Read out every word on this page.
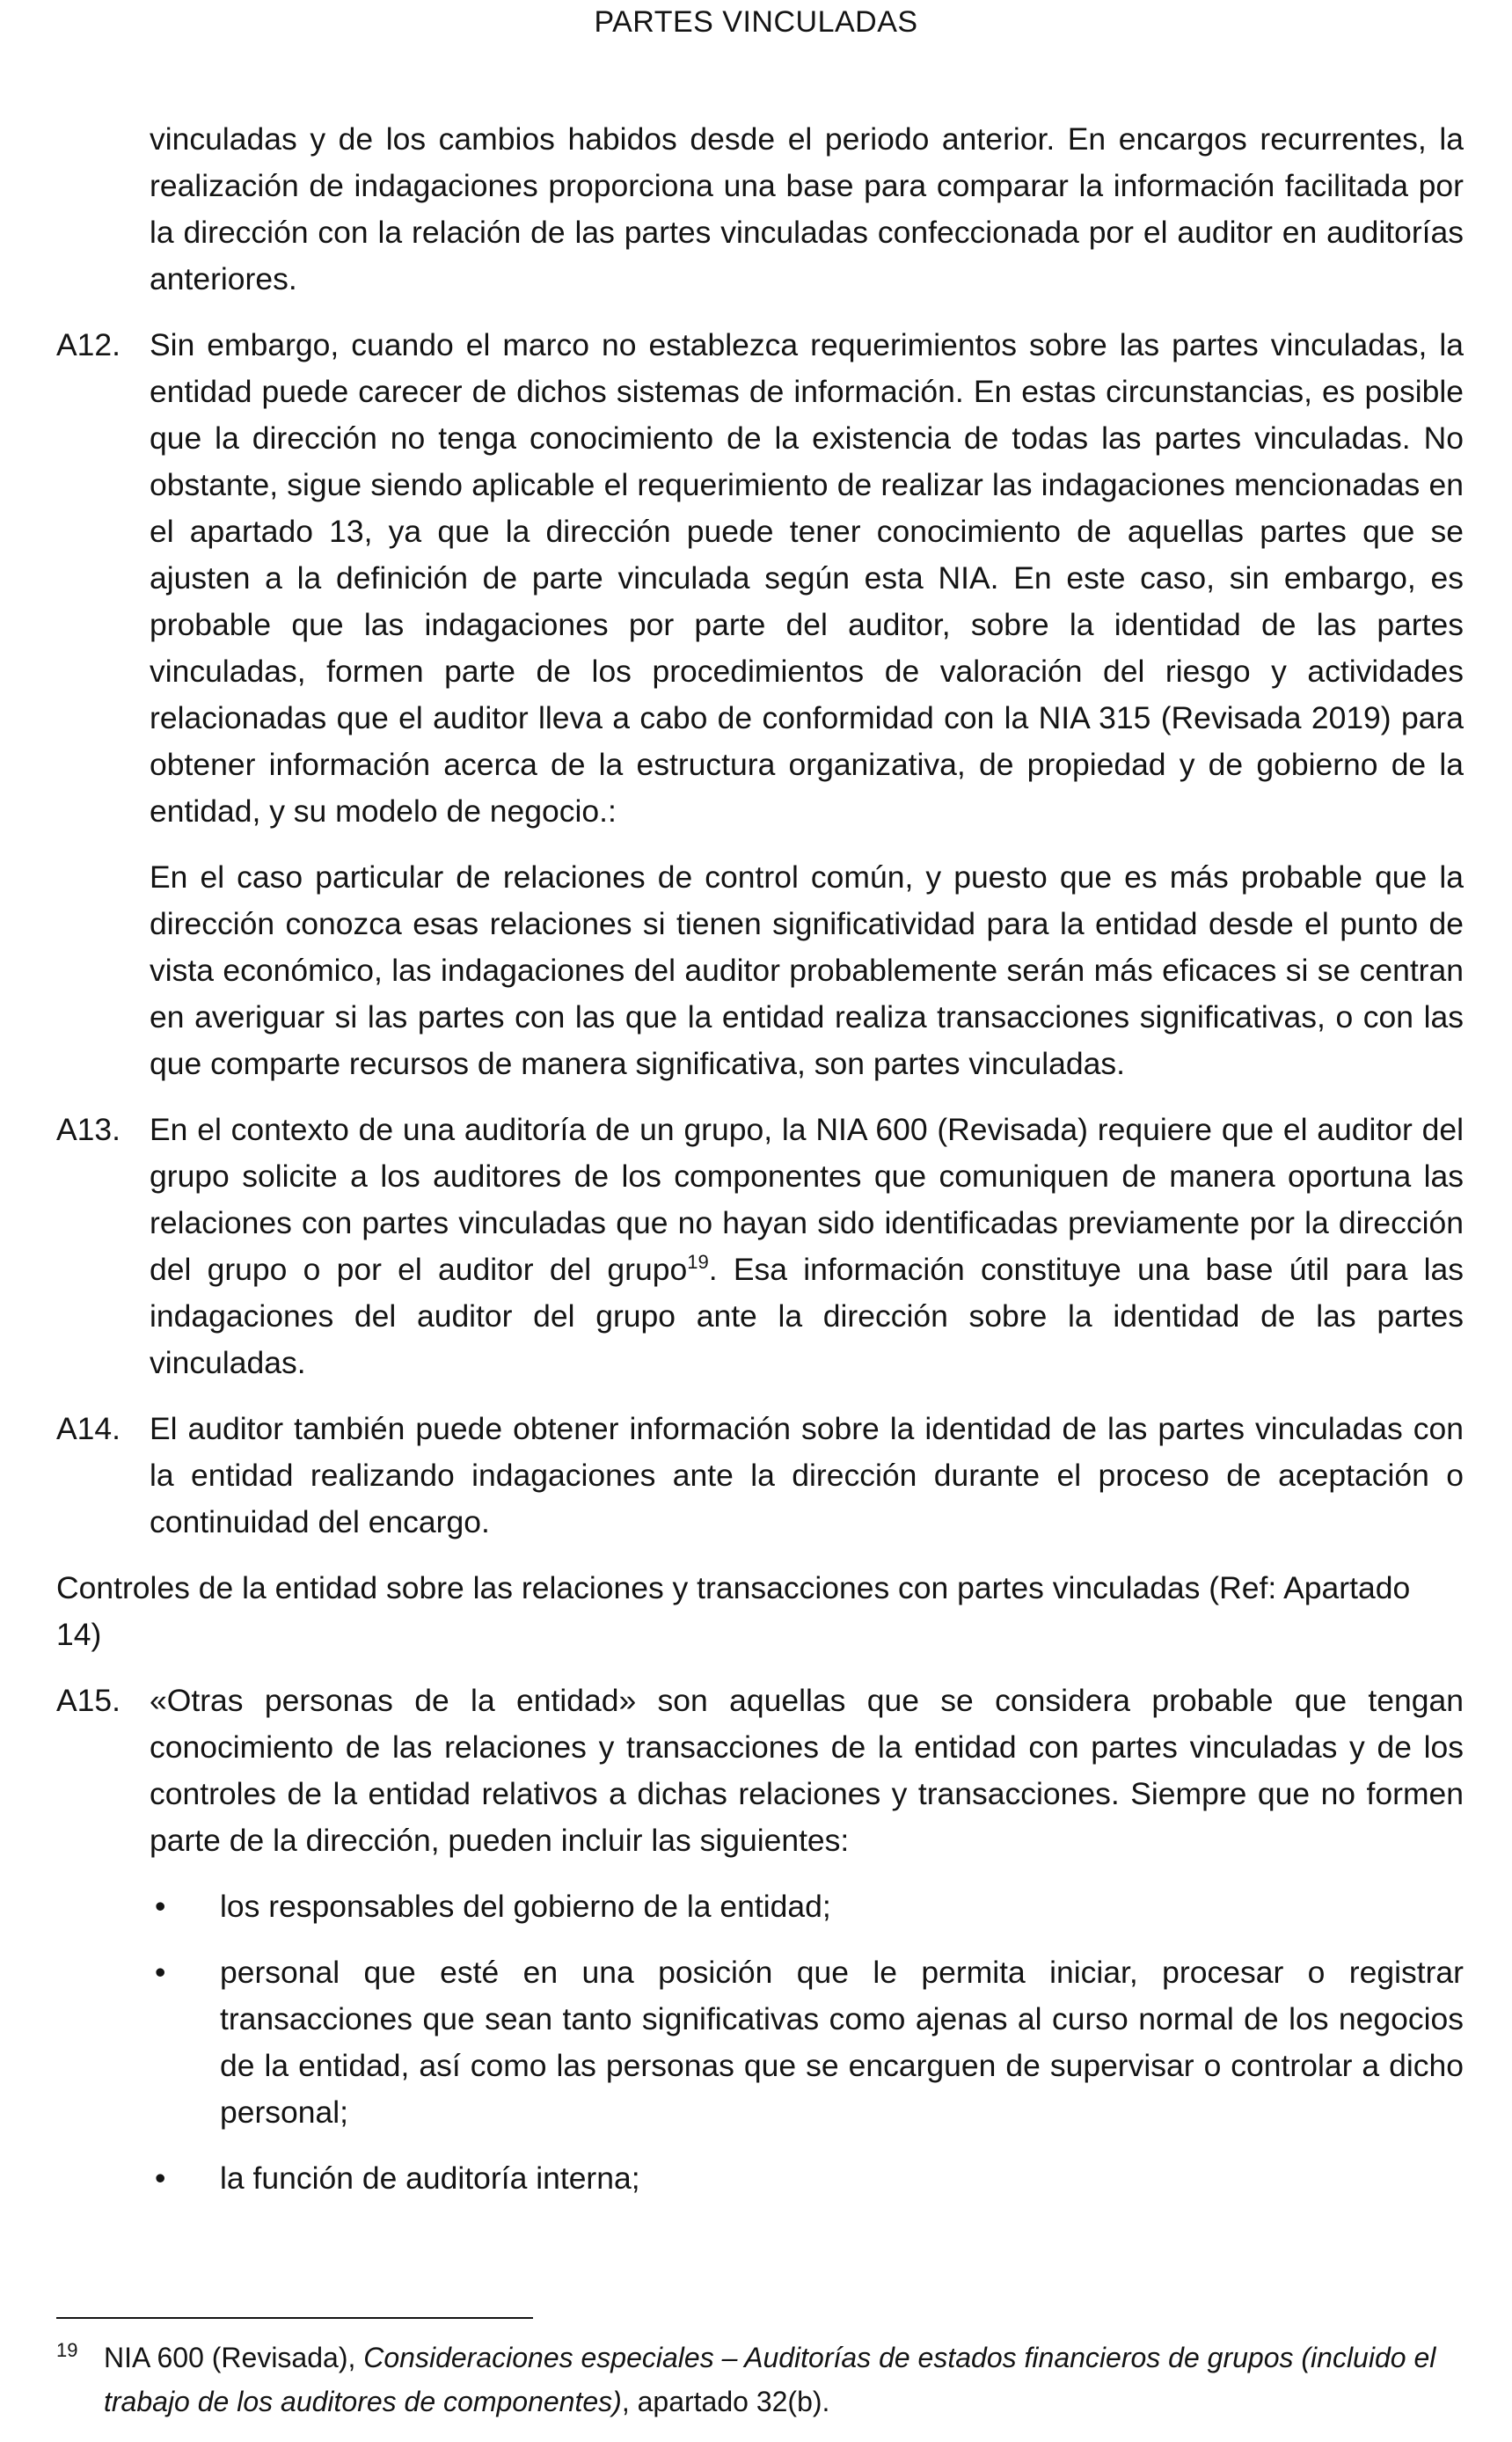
PARTES VINCULADAS
vinculadas y de los cambios habidos desde el periodo anterior. En encargos recurrentes, la realización de indagaciones proporciona una base para comparar la información facilitada por la dirección con la relación de las partes vinculadas confeccionada por el auditor en auditorías anteriores.
A12. Sin embargo, cuando el marco no establezca requerimientos sobre las partes vinculadas, la entidad puede carecer de dichos sistemas de información. En estas circunstancias, es posible que la dirección no tenga conocimiento de la existencia de todas las partes vinculadas. No obstante, sigue siendo aplicable el requerimiento de realizar las indagaciones mencionadas en el apartado 13, ya que la dirección puede tener conocimiento de aquellas partes que se ajusten a la definición de parte vinculada según esta NIA. En este caso, sin embargo, es probable que las indagaciones por parte del auditor, sobre la identidad de las partes vinculadas, formen parte de los procedimientos de valoración del riesgo y actividades relacionadas que el auditor lleva a cabo de conformidad con la NIA 315 (Revisada 2019) para obtener información acerca de la estructura organizativa, de propiedad y de gobierno de la entidad, y su modelo de negocio.:
En el caso particular de relaciones de control común, y puesto que es más probable que la dirección conozca esas relaciones si tienen significatividad para la entidad desde el punto de vista económico, las indagaciones del auditor probablemente serán más eficaces si se centran en averiguar si las partes con las que la entidad realiza transacciones significativas, o con las que comparte recursos de manera significativa, son partes vinculadas.
A13. En el contexto de una auditoría de un grupo, la NIA 600 (Revisada) requiere que el auditor del grupo solicite a los auditores de los componentes que comuniquen de manera oportuna las relaciones con partes vinculadas que no hayan sido identificadas previamente por la dirección del grupo o por el auditor del grupo$^{19}$. Esa información constituye una base útil para las indagaciones del auditor del grupo ante la dirección sobre la identidad de las partes vinculadas.
A14. El auditor también puede obtener información sobre la identidad de las partes vinculadas con la entidad realizando indagaciones ante la dirección durante el proceso de aceptación o continuidad del encargo.
Controles de la entidad sobre las relaciones y transacciones con partes vinculadas (Ref: Apartado 14)
A15. «Otras personas de la entidad» son aquellas que se considera probable que tengan conocimiento de las relaciones y transacciones de la entidad con partes vinculadas y de los controles de la entidad relativos a dichas relaciones y transacciones. Siempre que no formen parte de la dirección, pueden incluir las siguientes:
• los responsables del gobierno de la entidad;
• personal que esté en una posición que le permita iniciar, procesar o registrar transacciones que sean tanto significativas como ajenas al curso normal de los negocios de la entidad, así como las personas que se encarguen de supervisar o controlar a dicho personal;
• la función de auditoría interna;
19 NIA 600 (Revisada), Consideraciones especiales – Auditorías de estados financieros de grupos (incluido el trabajo de los auditores de componentes), apartado 32(b).
